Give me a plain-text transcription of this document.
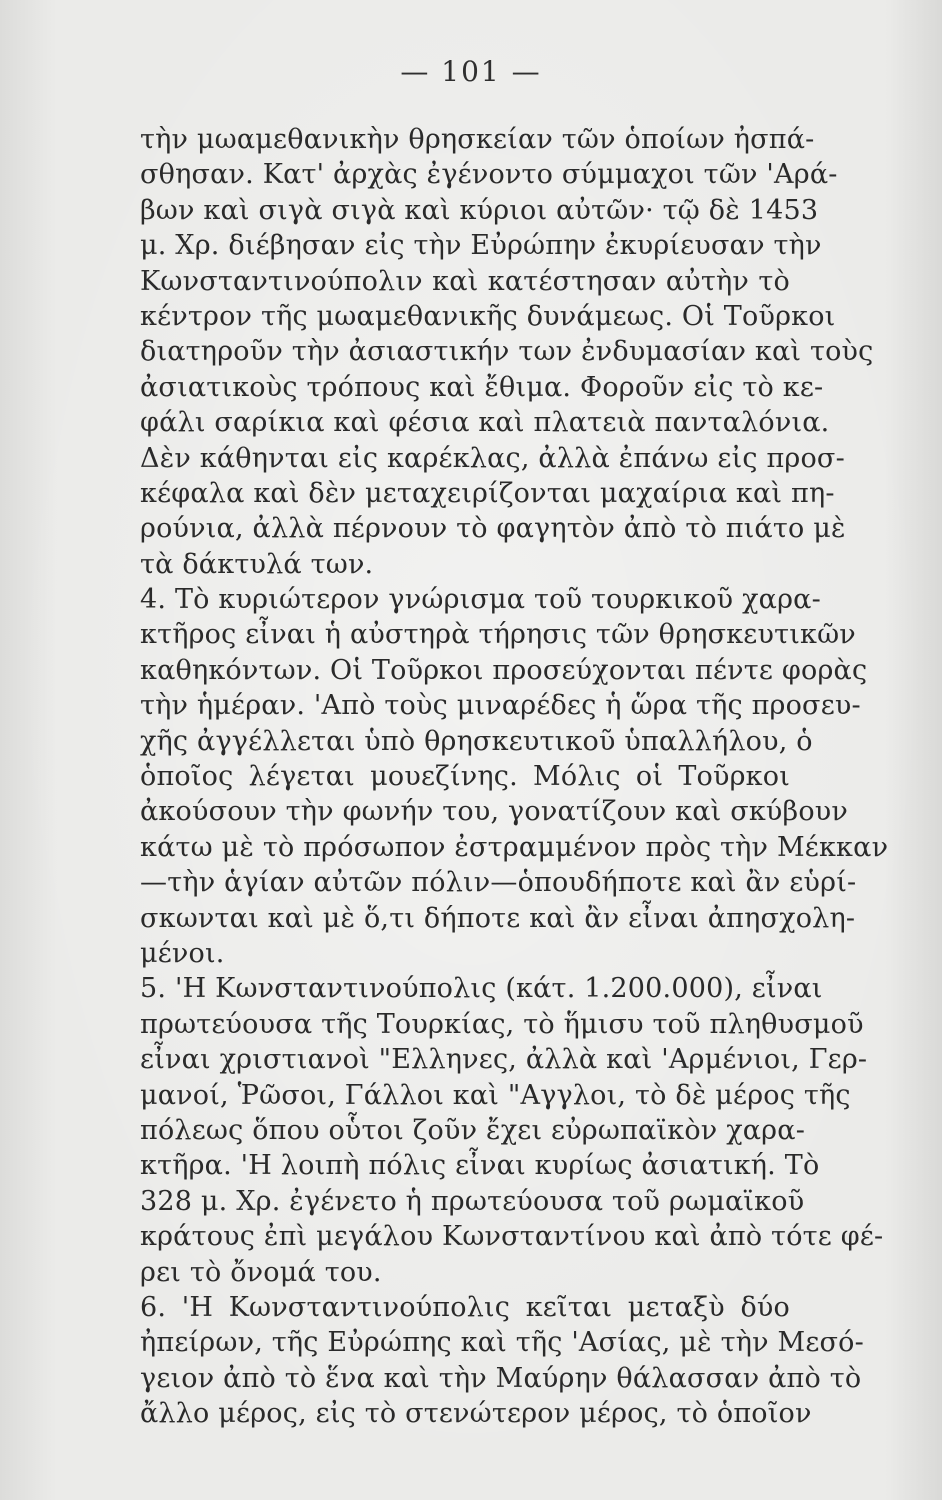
— 101 —
τὴν μωαμεθανικὴν θρησκείαν τῶν ὁποίων ἠσπά-
σθησαν. Κατ' ἀρχὰς ἐγένοντο σύμμαχοι τῶν 'Αρά-
βων καὶ σιγὰ σιγὰ καὶ κύριοι αὐτῶν· τῷ δὲ 1453
μ. Χρ. διέβησαν εἰς τὴν Εὐρώπην ἐκυρίευσαν τὴν
Κωνσταντινούπολιν καὶ κατέστησαν αὐτὴν τὸ
κέντρον τῆς μωαμεθανικῆς δυνάμεως. Οἱ Τοῦρκοι
διατηροῦν τὴν ἀσιαστικήν των ἐνδυμασίαν καὶ τοὺς
ἀσιατικοὺς τρόπους καὶ ἔθιμα. Φοροῦν εἰς τὸ κε-
φάλι σαρίκια καὶ φέσια καὶ πλατειὰ πανταλόνια.
Δὲν κάθηνται εἰς καρέκλας, ἀλλὰ ἐπάνω εἰς προσ-
κέφαλα καὶ δὲν μεταχειρίζονται μαχαίρια καὶ πη-
ρούνια, ἀλλὰ πέρνουν τὸ φαγητὸν ἀπὸ τὸ πιάτο μὲ
τὰ δάκτυλά των.
4. Τὸ κυριώτερον γνώρισμα τοῦ τουρκικοῦ χαρα-
κτῆρος εἶναι ἡ αὐστηρὰ τήρησις τῶν θρησκευτικῶν
καθηκόντων. Οἱ Τοῦρκοι προσεύχονται πέντε φορὰς
τὴν ἡμέραν. 'Απὸ τοὺς μιναρέδες ἡ ὥρα τῆς προσευ-
χῆς ἀγγέλλεται ὑπὸ θρησκευτικοῦ ὑπαλλήλου, ὁ
ὁποῖος λέγεται μουεζίνης. Μόλις οἱ Τοῦρκοι
ἀκούσουν τὴν φωνήν του, γονατίζουν καὶ σκύβουν
κάτω μὲ τὸ πρόσωπον ἐστραμμένον πρὸς τὴν Μέκκαν
—τὴν ἁγίαν αὐτῶν πόλιν—ὁπουδήποτε καὶ ἂν εὑρί-
σκωνται καὶ μὲ ὅ,τι δήποτε καὶ ἂν εἶναι ἀπησχολη-
μένοι.
5. 'Η Κωνσταντινούπολις (κάτ. 1.200.000), εἶναι
πρωτεύουσα τῆς Τουρκίας, τὸ ἥμισυ τοῦ πληθυσμοῦ
εἶναι χριστιανοὶ "Ελληνες, ἀλλὰ καὶ 'Αρμένιοι, Γερ-
μανοί, Ῥῶσοι, Γάλλοι καὶ "Αγγλοι, τὸ δὲ μέρος τῆς
πόλεως ὅπου οὗτοι ζοῦν ἔχει εὐρωπαϊκὸν χαρα-
κτῆρα. 'Η λοιπὴ πόλις εἶναι κυρίως ἀσιατική. Τὸ
328 μ. Χρ. ἐγένετο ἡ πρωτεύουσα τοῦ ρωμαϊκοῦ
κράτους ἐπὶ μεγάλου Κωνσταντίνου καὶ ἀπὸ τότε φέ-
ρει τὸ ὄνομά του.
6. 'Η Κωνσταντινούπολις κεῖται μεταξὺ δύο
ἠπείρων, τῆς Εὐρώπης καὶ τῆς 'Ασίας, μὲ τὴν Μεσό-
γειον ἀπὸ τὸ ἕνα καὶ τὴν Μαύρην θάλασσαν ἀπὸ τὸ
ἄλλο μέρος, εἰς τὸ στενώτερον μέρος, τὸ ὁποῖον
